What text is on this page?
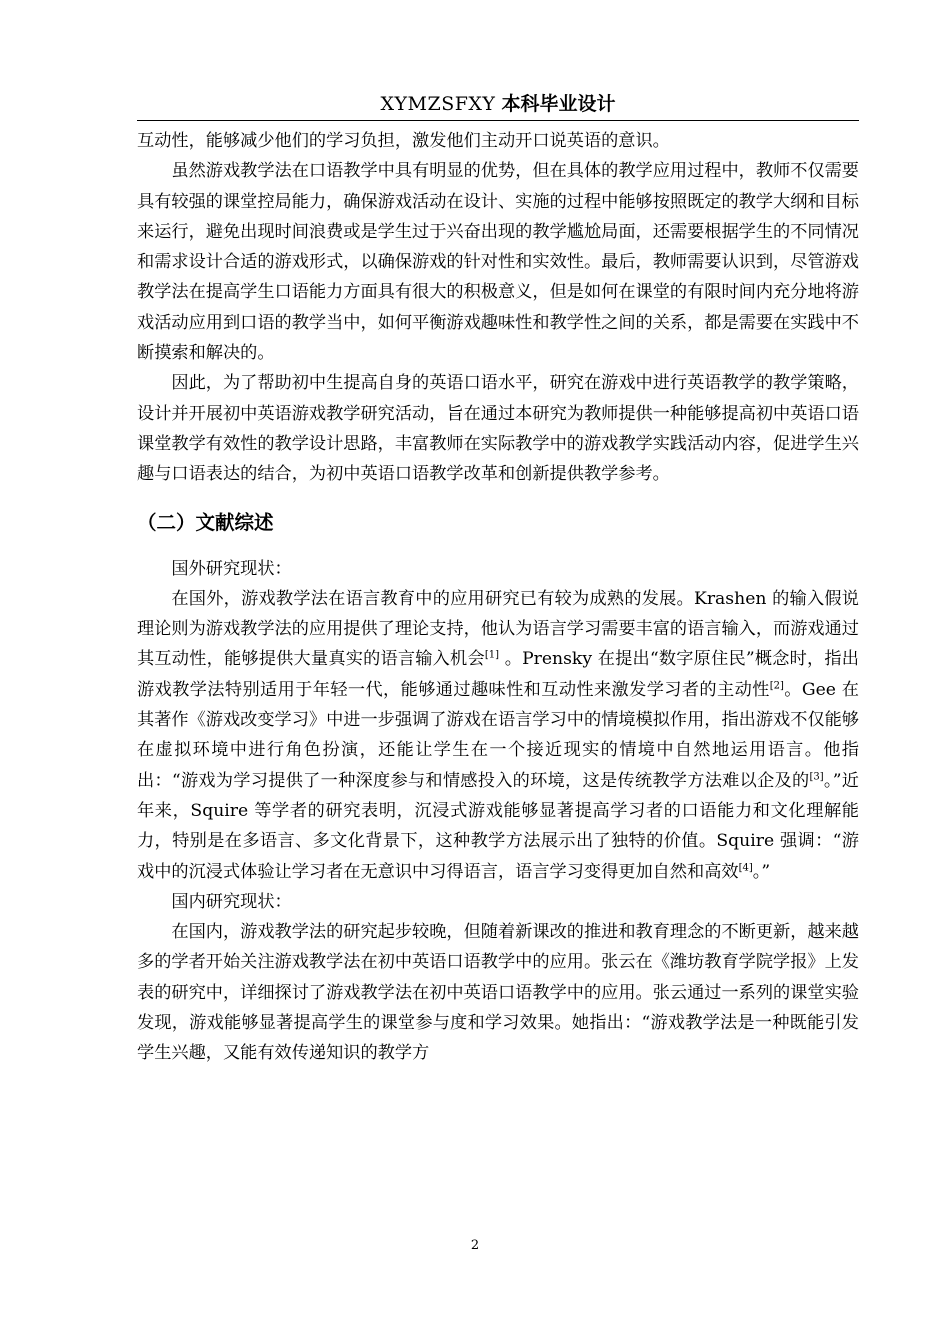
XYMZSFXY 本科毕业设计

互动性，能够减少他们的学习负担，激发他们主动开口说英语的意识。

虽然游戏教学法在口语教学中具有明显的优势，但在具体的教学应用过程中，教师不仅需要具有较强的课堂控局能力，确保游戏活动在设计、实施的过程中能够按照既定的教学大纲和目标来运行，避免出现时间浪费或是学生过于兴奋出现的教学尴尬局面，还需要根据学生的不同情况和需求设计合适的游戏形式，以确保游戏的针对性和实效性。最后，教师需要认识到，尽管游戏教学法在提高学生口语能力方面具有很大的积极意义，但是如何在课堂的有限时间内充分地将游戏活动应用到口语的教学当中，如何平衡游戏趣味性和教学性之间的关系，都是需要在实践中不断摸索和解决的。

因此，为了帮助初中生提高自身的英语口语水平，研究在游戏中进行英语教学的教学策略，设计并开展初中英语游戏教学研究活动，旨在通过本研究为教师提供一种能够提高初中英语口语课堂教学有效性的教学设计思路，丰富教师在实际教学中的游戏教学实践活动内容，促进学生兴趣与口语表达的结合，为初中英语口语教学改革和创新提供教学参考。

（二）文献综述

国外研究现状：

在国外，游戏教学法在语言教育中的应用研究已有较为成熟的发展。Krashen 的输入假说理论则为游戏教学法的应用提供了理论支持，他认为语言学习需要丰富的语言输入，而游戏通过其互动性，能够提供大量真实的语言输入机会[1] 。Prensky 在提出“数字原住民”概念时，指出游戏教学法特别适用于年轻一代，能够通过趣味性和互动性来激发学习者的主动性[2]。Gee 在其著作《游戏改变学习》中进一步强调了游戏在语言学习中的情境模拟作用，指出游戏不仅能够在虚拟环境中进行角色扮演，还能让学生在一个接近现实的情境中自然地运用语言。他指出：“游戏为学习提供了一种深度参与和情感投入的环境，这是传统教学方法难以企及的[3]。”近年来，Squire 等学者的研究表明，沉浸式游戏能够显著提高学习者的口语能力和文化理解能力，特别是在多语言、多文化背景下，这种教学方法展示出了独特的价值。Squire 强调：“游戏中的沉浸式体验让学习者在无意识中习得语言，语言学习变得更加自然和高效[4]。”

国内研究现状：

在国内，游戏教学法的研究起步较晚，但随着新课改的推进和教育理念的不断更新，越来越多的学者开始关注游戏教学法在初中英语口语教学中的应用。张云在《潍坊教育学院学报》上发表的研究中，详细探讨了游戏教学法在初中英语口语教学中的应用。张云通过一系列的课堂实验发现，游戏能够显著提高学生的课堂参与度和学习效果。她指出：“游戏教学法是一种既能引发学生兴趣，又能有效传递知识的教学方

2
